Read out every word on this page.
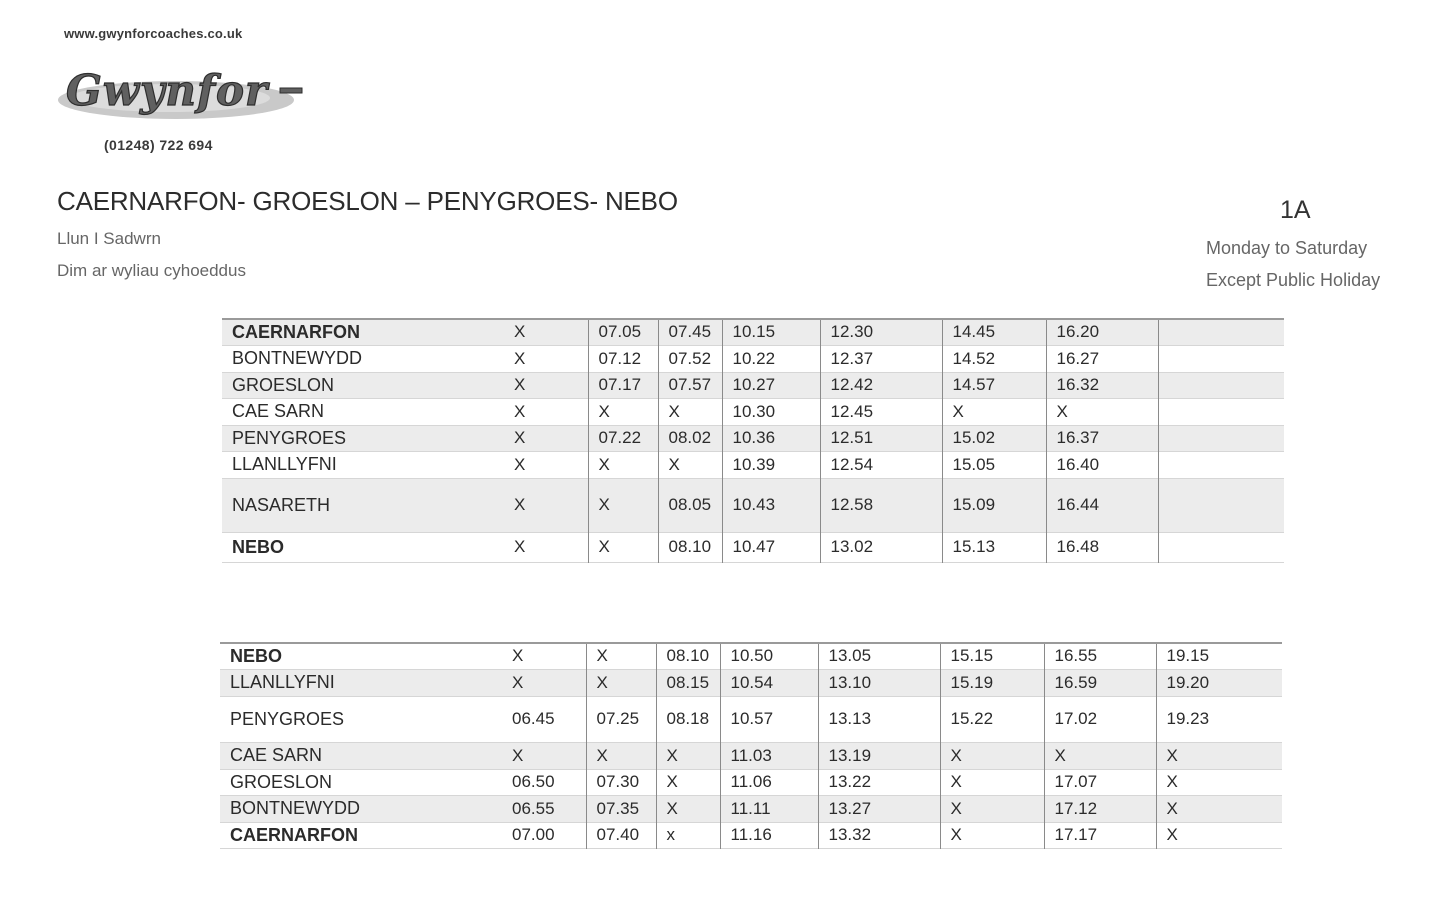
www.gwynforcoaches.co.uk
Gwynfor
(01248) 722 694
CAERNARFON- GROESLON – PENYGROES- NEBO
Llun I Sadwrn
Dim ar wyliau cyhoeddus
1A
Monday to Saturday
Except Public Holiday
CAERNARFON	X	07.05	07.45	10.15	12.30	14.45	16.20	
BONTNEWYDD	X	07.12	07.52	10.22	12.37	14.52	16.27	
GROESLON	X	07.17	07.57	10.27	12.42	14.57	16.32	
CAE SARN	X	X	X	10.30	12.45	X	X	
PENYGROES	X	07.22	08.02	10.36	12.51	15.02	16.37	
LLANLLYFNI	X	X	X	10.39	12.54	15.05	16.40	
NASARETH	X	X	08.05	10.43	12.58	15.09	16.44	
NEBO	X	X	08.10	10.47	13.02	15.13	16.48	
NEBO	X	X	08.10	10.50	13.05	15.15	16.55	19.15
LLANLLYFNI	X	X	08.15	10.54	13.10	15.19	16.59	19.20
PENYGROES	06.45	07.25	08.18	10.57	13.13	15.22	17.02	19.23
CAE SARN	X	X	X	11.03	13.19	X	X	X
GROESLON	06.50	07.30	X	11.06	13.22	X	17.07	X
BONTNEWYDD	06.55	07.35	X	11.11	13.27	X	17.12	X
CAERNARFON	07.00	07.40	x	11.16	13.32	X	17.17	X
